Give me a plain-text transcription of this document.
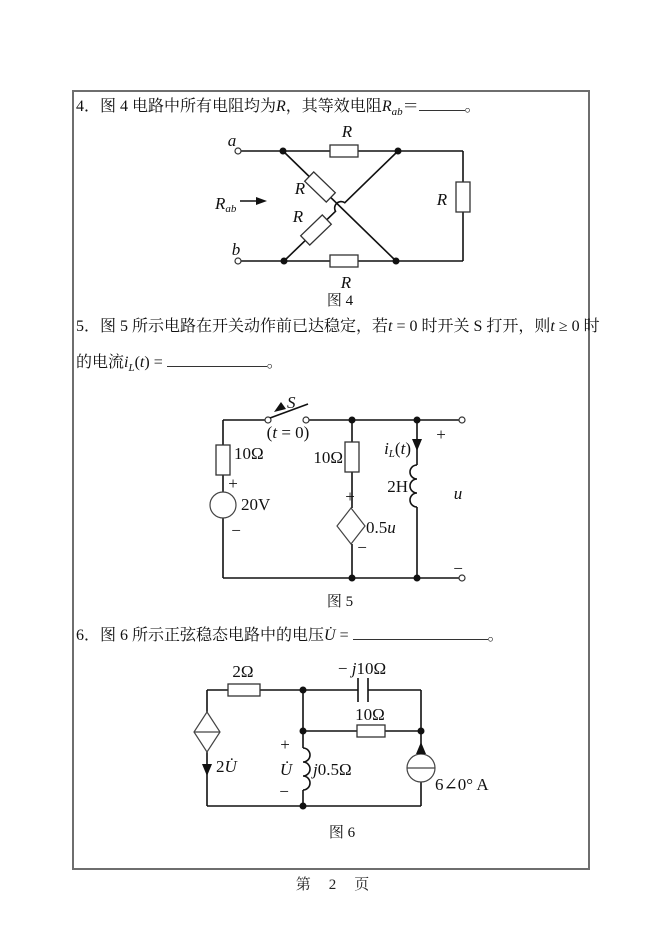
4．图 4 电路中所有电阻均为R，其等效电阻$R_{ab}=$	。
a
b
Rab
R
R
R
R
R
图 4
5．图 5 所示电路在开关动作前已达稳定，若t = 0 时开关 S 打开，则t ≥ 0 时
的电流$i_L(t)$ =	。
S
(t = 0)
10Ω
+
20V
−
10Ω
+
0.5u
−
iL(t)
2H
+
u
−
图 5
6．图 6 所示正弦稳态电路中的电压U̇ =	。
2Ω	− j10Ω
10Ω
2U̇
+
U̇
−
j0.5Ω
6∠0° A
图 6
第 2 页
